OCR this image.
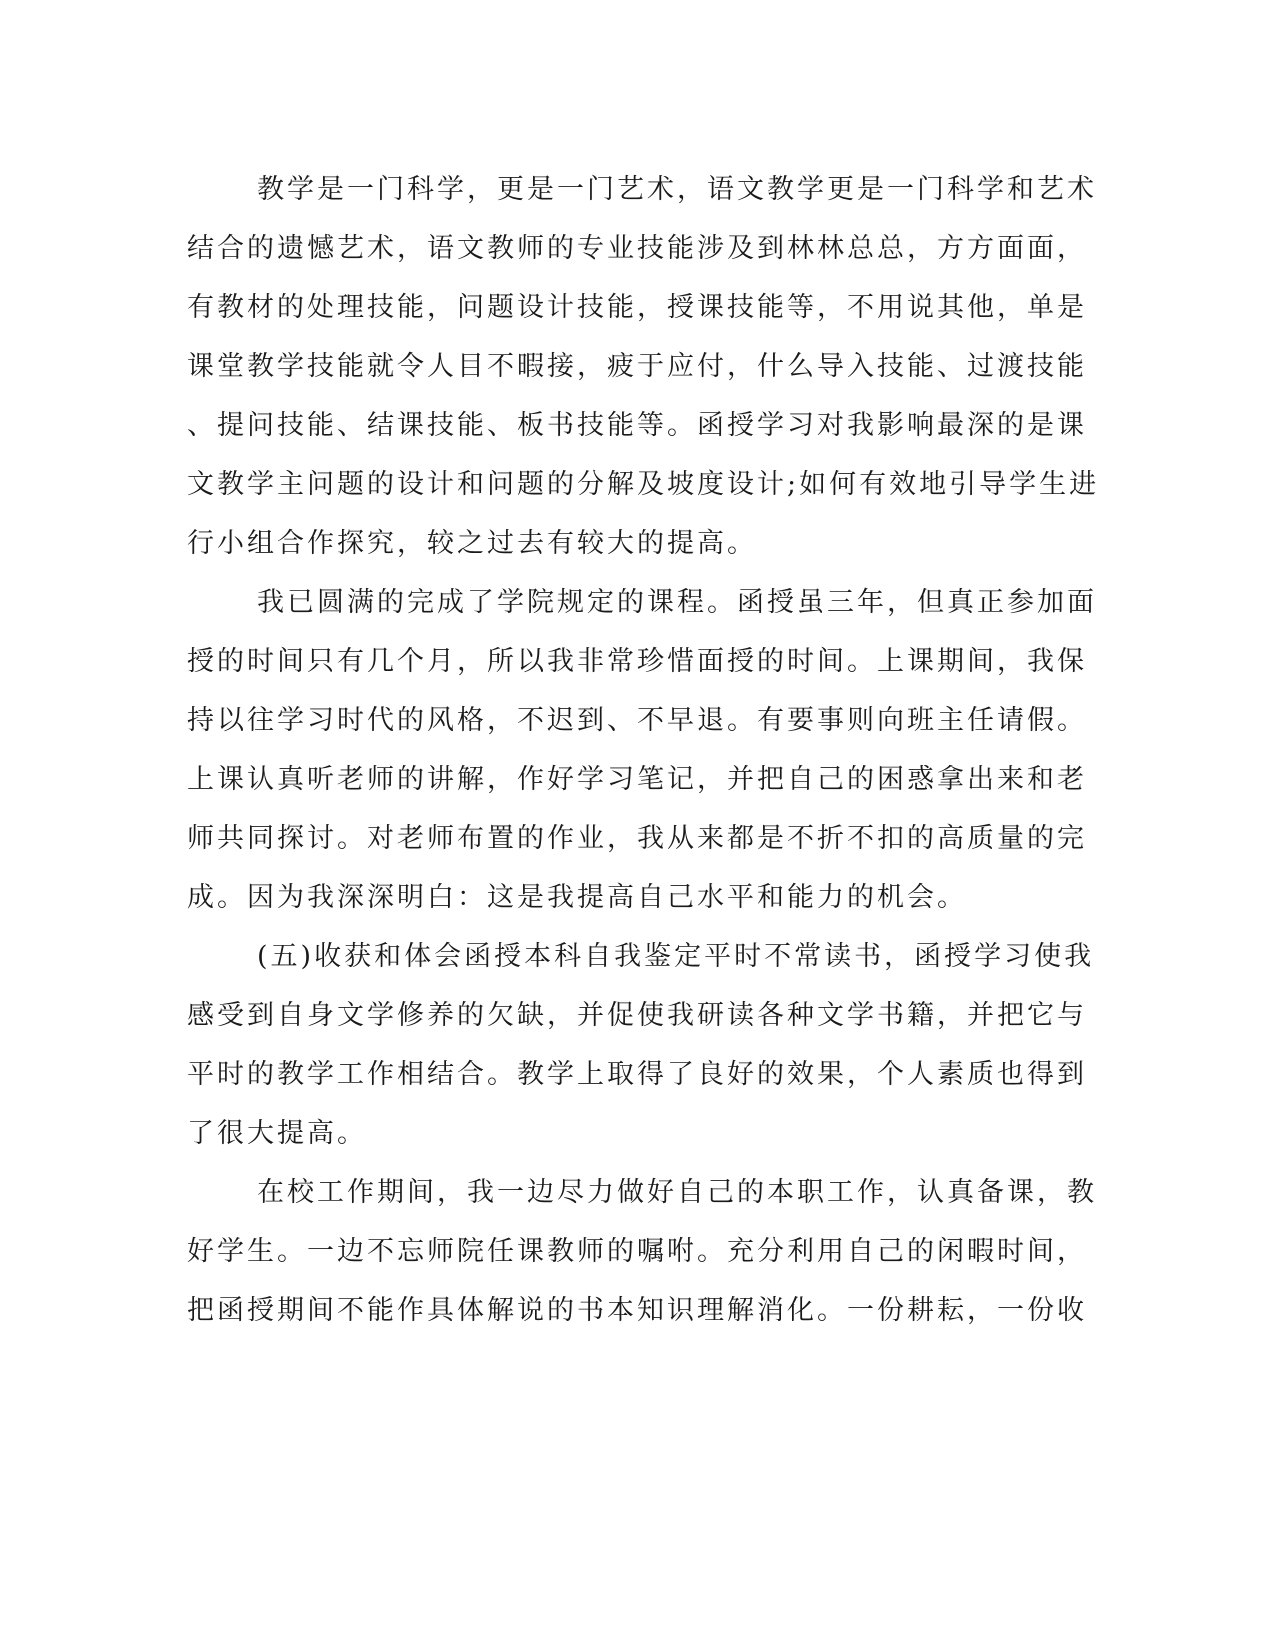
教学是一门科学，更是一门艺术，语文教学更是一门科学和艺术
结合的遗憾艺术，语文教师的专业技能涉及到林林总总，方方面面，
有教材的处理技能，问题设计技能，授课技能等，不用说其他，单是
课堂教学技能就令人目不暇接，疲于应付，什么导入技能、过渡技能
、提问技能、结课技能、板书技能等。函授学习对我影响最深的是课
文教学主问题的设计和问题的分解及坡度设计;如何有效地引导学生进
行小组合作探究，较之过去有较大的提高。
我已圆满的完成了学院规定的课程。函授虽三年，但真正参加面
授的时间只有几个月，所以我非常珍惜面授的时间。上课期间，我保
持以往学习时代的风格，不迟到、不早退。有要事则向班主任请假。
上课认真听老师的讲解，作好学习笔记，并把自己的困惑拿出来和老
师共同探讨。对老师布置的作业，我从来都是不折不扣的高质量的完
成。因为我深深明白：这是我提高自己水平和能力的机会。
(五)收获和体会函授本科自我鉴定平时不常读书，函授学习使我
感受到自身文学修养的欠缺，并促使我研读各种文学书籍，并把它与
平时的教学工作相结合。教学上取得了良好的效果，个人素质也得到
了很大提高。
在校工作期间，我一边尽力做好自己的本职工作，认真备课，教
好学生。一边不忘师院任课教师的嘱咐。充分利用自己的闲暇时间，
把函授期间不能作具体解说的书本知识理解消化。一份耕耘，一份收
